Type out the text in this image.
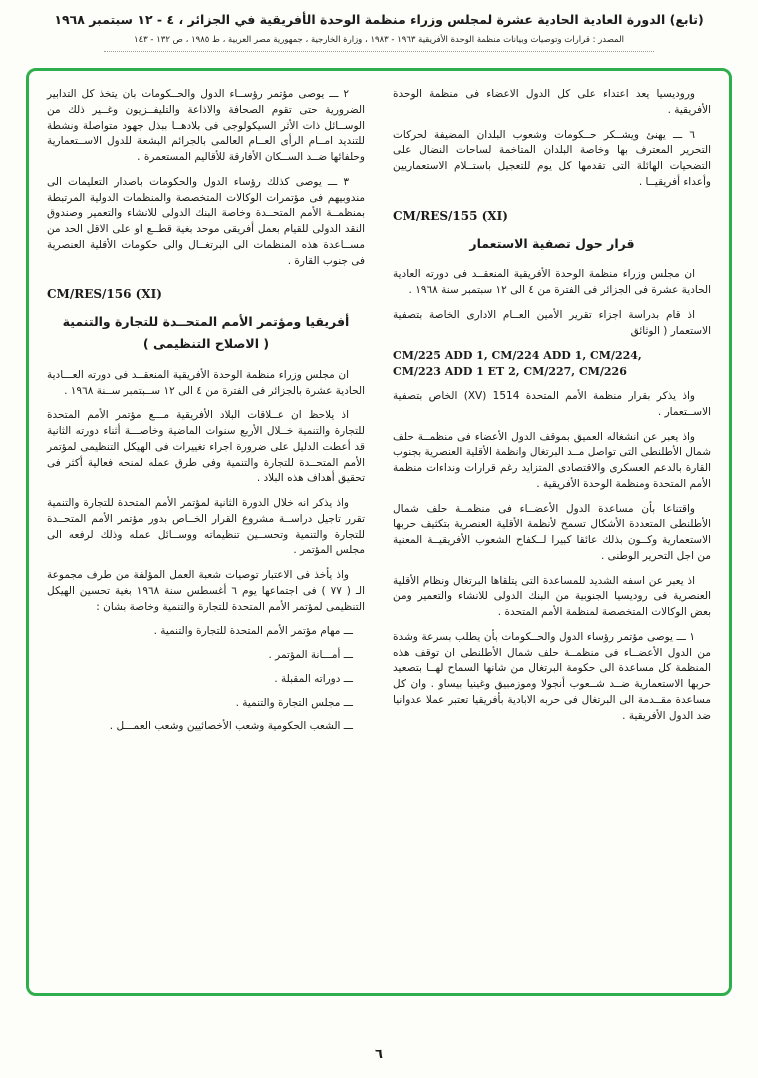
(تابع) الدورة العادية الحادية عشرة لمجلس وزراء منظمة الوحدة الأفريقية في الجزائر ، ٤ - ١٢ سبتمبر ١٩٦٨
المصدر : قرارات وتوصيات وبيانات منظمة الوحدة الأفريقية ١٩٦٣ - ١٩٨٣ ، وزارة الخارجية ، جمهورية مصر العربية ، ط ١٩٨٥ ، ص ١٣٢ - ١٤٣

وروديسيا يعد اعتداء على كل الدول الاعضاء فى منظمة الوحدة الأفريقية .

٦ ـــ يهنئ ويشــكر حــكومات وشعوب البلدان المضيفة لحركات التحرير المعترف بها وخاصة البلدان المتاخمة لساحات النضال على التضحيات الهائلة التى تقدمها كل يوم للتعجيل باستــلام الاستعماريين وأعداء أفريقيــا .

CM/RES/155 (XI)
قرار حول تصفية الاستعمار

ان مجلس وزراء منظمة الوحدة الأفريقية المنعقــد فى دورته العادية الحادية عشرة فى الجزائر فى الفترة من ٤ الى ١٢ سبتمبر سنة ١٩٦٨ .

اذ قام بدراسة اجزاء تقرير الأمين العــام الادارى الخاصة بتصفية الاستعمار ( الوثائق

CM/225 ADD 1, CM/224 ADD 1, CM/224,
CM/223 ADD 1 ET 2, CM/227, CM/226

واذ يذكر بقرار منظمة الأمم المتحدة 1514 (XV) الخاص بتصفية الاســتعمار .

واذ يعبر عن انشغاله العميق بموقف الدول الأعضاء فى منظمــة حلف شمال الأطلنطى التى تواصل مــد البرتغال وانظمة الأقلية العنصرية بجنوب القارة بالدعم العسكرى والاقتصادى المتزايد رغم قرارات ونداءات منظمة الأمم المتحدة ومنظمة الوحدة الأفريقية .

واقتناعا بأن مساعدة الدول الأعضــاء فى منظمــة حلف شمال الأطلنطى المتعددة الأشكال تسمح لأنظمة الأقلية العنصرية بتكثيف حربها الاستعمارية وكــون بذلك عائقا كبيرا لــكفاح الشعوب الأفريقيــة المعنية من اجل التحرير الوطنى .

اذ يعبر عن اسفه الشديد للمساعدة التى يتلقاها البرتغال ونظام الأقلية العنصرية فى روديسيا الجنوبية من البنك الدولى للانشاء والتعمير ومن بعض الوكالات المتخصصة لمنظمة الأمم المتحدة .

١ ـــ يوصى مؤتمر رؤساء الدول والحــكومات بأن يطلب بسرعة وشدة من الدول الأعضــاء فى منظمــة حلف شمال الأطلنطى ان توقف هذه المنظمة كل مساعدة الى حكومة البرتغال من شانها السماح لهــا بتصعيد حربها الاستعمارية ضــد شــعوب أنجولا وموزمبيق وغينيا بيساو . وان كل مساعدة مقــدمة الى البرتغال فى حربه الابادية بأفريقيا تعتبر عملا عدوانيا ضد الدول الأفريقية .

٢ ـــ يوصى مؤتمر رؤســاء الدول والحــكومات بان يتخذ كل التدابير الضرورية حتى تقوم الصحافة والاذاعة والتليفــزيون وغــير ذلك من الوســائل ذات الأثر السيكولوجى فى بلادهــا ببذل جهود متواصلة ونشطة للتنديد امــام الرأى العــام العالمى بالجرائم البشعة للدول الاســتعمارية وحلفائها ضــد الســكان الأفارقة للأقاليم المستعمرة .

٣ ـــ يوصى كذلك رؤساء الدول والحكومات باصدار التعليمات الى مندوبيهم فى مؤتمرات الوكالات المتخصصة والمنظمات الدولية المرتبطة بمنظمــة الأمم المتحــدة وخاصة البنك الدولى للانشاء والتعمير وصندوق النقد الدولى للقيام بعمل أفريقى موحد بغية قطــع او على الاقل الحد من مســاعدة هذه المنظمات الى البرتغــال والى حكومات الأقلية العنصرية فى جنوب القارة .

CM/RES/156 (XI)
أفريقيا ومؤتمر الأمم المتحــدة للتجارة والتنمية
( الاصلاح التنظيمى )

ان مجلس وزراء منظمة الوحدة الأفريقية المنعقــد فى دورته العـــادية الحادية عشرة بالجزائر فى الفترة من ٤ الى ١٢ ســبتمبر ســنة ١٩٦٨ .

اذ يلاحظ ان عــلاقات البلاد الأفريقية مـــع مؤتمر الأمم المتحدة للتجارة والتنمية خــلال الأربع سنوات الماضية وخاصـــة أثناء دورته الثانية قد أعطت الدليل على ضرورة اجراء تغييرات فى الهيكل التنظيمى لمؤتمر الأمم المتحــدة للتجارة والتنمية وفى طرق عمله لمنحه فعالية أكثر فى تحقيق أهداف هذه البلاد .

واذ يذكر انه خلال الدورة الثانية لمؤتمر الأمم المتحدة للتجارة والتنمية تقرر تاجيل دراســة مشروع القرار الخــاص بدور مؤتمر الأمم المتحــدة للتجارة والتنمية وتحســين تنظيماته ووســائل عمله وذلك لرفعه الى مجلس المؤتمر .

واذ يأخذ فى الاعتبار توصيات شعبة العمل المؤلفة من طرف مجموعة الـ ( ٧٧ ) فى اجتماعها يوم ٦ أغسطس سنة ١٩٦٨ بغية تحسين الهيكل التنظيمى لمؤتمر الأمم المتحدة للتجارة والتنمية وخاصة بشان :

ـــ مهام مؤتمر الأمم المتحدة للتجارة والتنمية .
ـــ أمـــانة المؤتمر .
ـــ دوراته المقبلة .
ـــ مجلس التجارة والتنمية .
ـــ الشعب الحكومية وشعب الأخصائيين وشعب العمـــل .
٦
